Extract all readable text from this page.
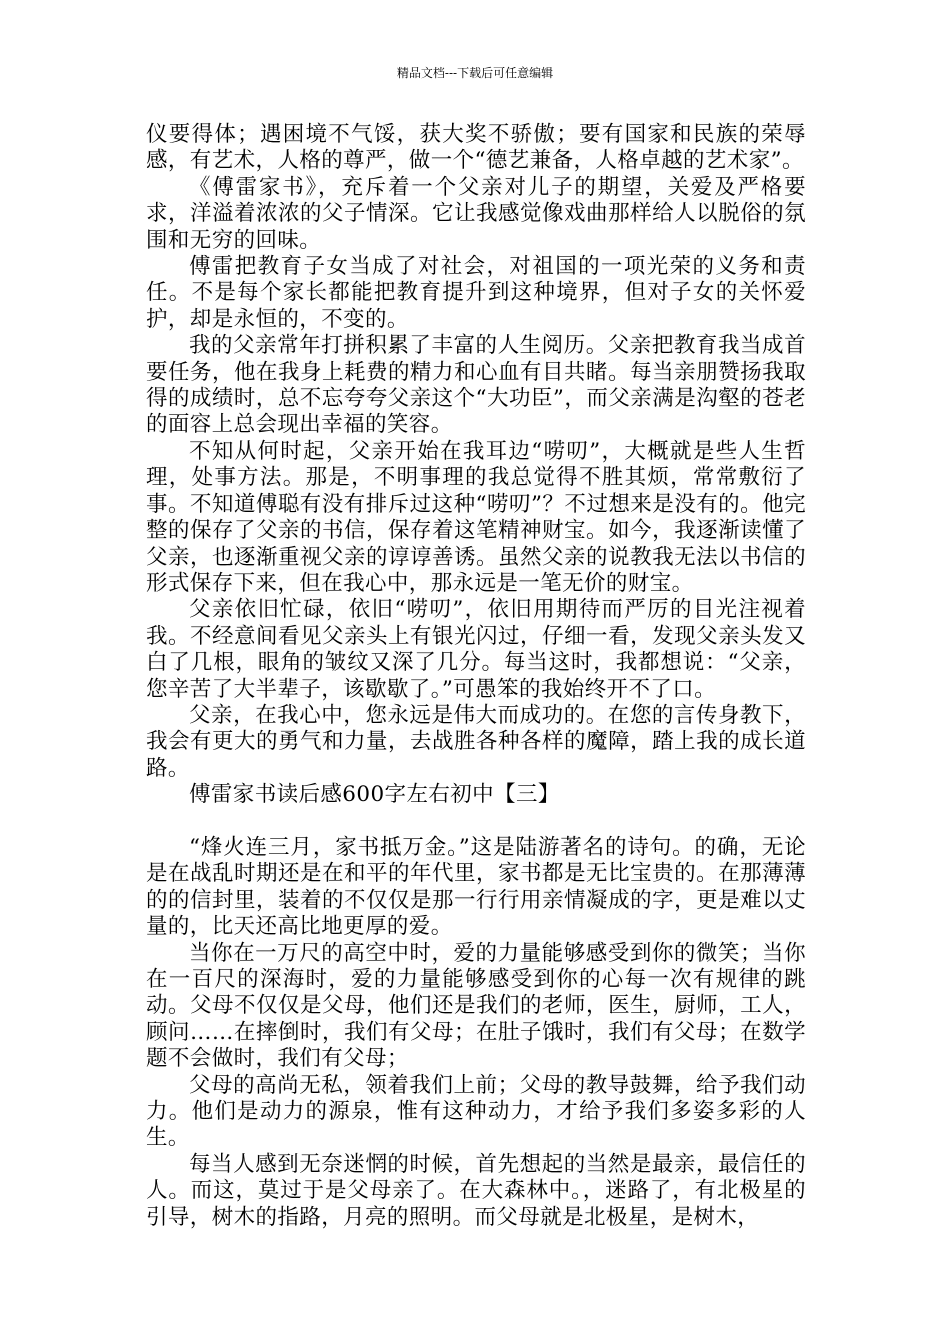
精品文档---下载后可任意编辑

仪要得体；遇困境不气馁，获大奖不骄傲；要有国家和民族的荣辱感，有艺术，人格的尊严，做一个“德艺兼备，人格卓越的艺术家”。

《傅雷家书》，充斥着一个父亲对儿子的期望，关爱及严格要求，洋溢着浓浓的父子情深。它让我感觉像戏曲那样给人以脱俗的氛围和无穷的回味。

傅雷把教育子女当成了对社会，对祖国的一项光荣的义务和责任。不是每个家长都能把教育提升到这种境界，但对子女的关怀爱护，却是永恒的，不变的。

我的父亲常年打拼积累了丰富的人生阅历。父亲把教育我当成首要任务，他在我身上耗费的精力和心血有目共睹。每当亲朋赞扬我取得的成绩时，总不忘夸夸父亲这个“大功臣”，而父亲满是沟壑的苍老的面容上总会现出幸福的笑容。

不知从何时起，父亲开始在我耳边“唠叨”，大概就是些人生哲理，处事方法。那是，不明事理的我总觉得不胜其烦，常常敷衍了事。不知道傅聪有没有排斥过这种“唠叨”？不过想来是没有的。他完整的保存了父亲的书信，保存着这笔精神财宝。如今，我逐渐读懂了父亲，也逐渐重视父亲的谆谆善诱。虽然父亲的说教我无法以书信的形式保存下来，但在我心中，那永远是一笔无价的财宝。

父亲依旧忙碌，依旧“唠叨”，依旧用期待而严厉的目光注视着我。不经意间看见父亲头上有银光闪过，仔细一看，发现父亲头发又白了几根，眼角的皱纹又深了几分。每当这时，我都想说：“父亲，您辛苦了大半辈子，该歇歇了。”可愚笨的我始终开不了口。

父亲，在我心中，您永远是伟大而成功的。在您的言传身教下，我会有更大的勇气和力量，去战胜各种各样的魔障，踏上我的成长道路。

傅雷家书读后感600字左右初中【三】

“烽火连三月，家书抵万金。”这是陆游著名的诗句。的确，无论是在战乱时期还是在和平的年代里，家书都是无比宝贵的。在那薄薄的的信封里，装着的不仅仅是那一行行用亲情凝成的字，更是难以丈量的，比天还高比地更厚的爱。

当你在一万尺的高空中时，爱的力量能够感受到你的微笑；当你在一百尺的深海时，爱的力量能够感受到你的心每一次有规律的跳动。父母不仅仅是父母，他们还是我们的老师，医生，厨师，工人，顾问……在摔倒时，我们有父母；在肚子饿时，我们有父母；在数学题不会做时，我们有父母；

父母的高尚无私，领着我们上前；父母的教导鼓舞，给予我们动力。他们是动力的源泉，惟有这种动力，才给予我们多姿多彩的人生。

每当人感到无奈迷惘的时候，首先想起的当然是最亲，最信任的人。而这，莫过于是父母亲了。在大森林中。，迷路了，有北极星的引导，树木的指路，月亮的照明。而父母就是北极星，是树木，
